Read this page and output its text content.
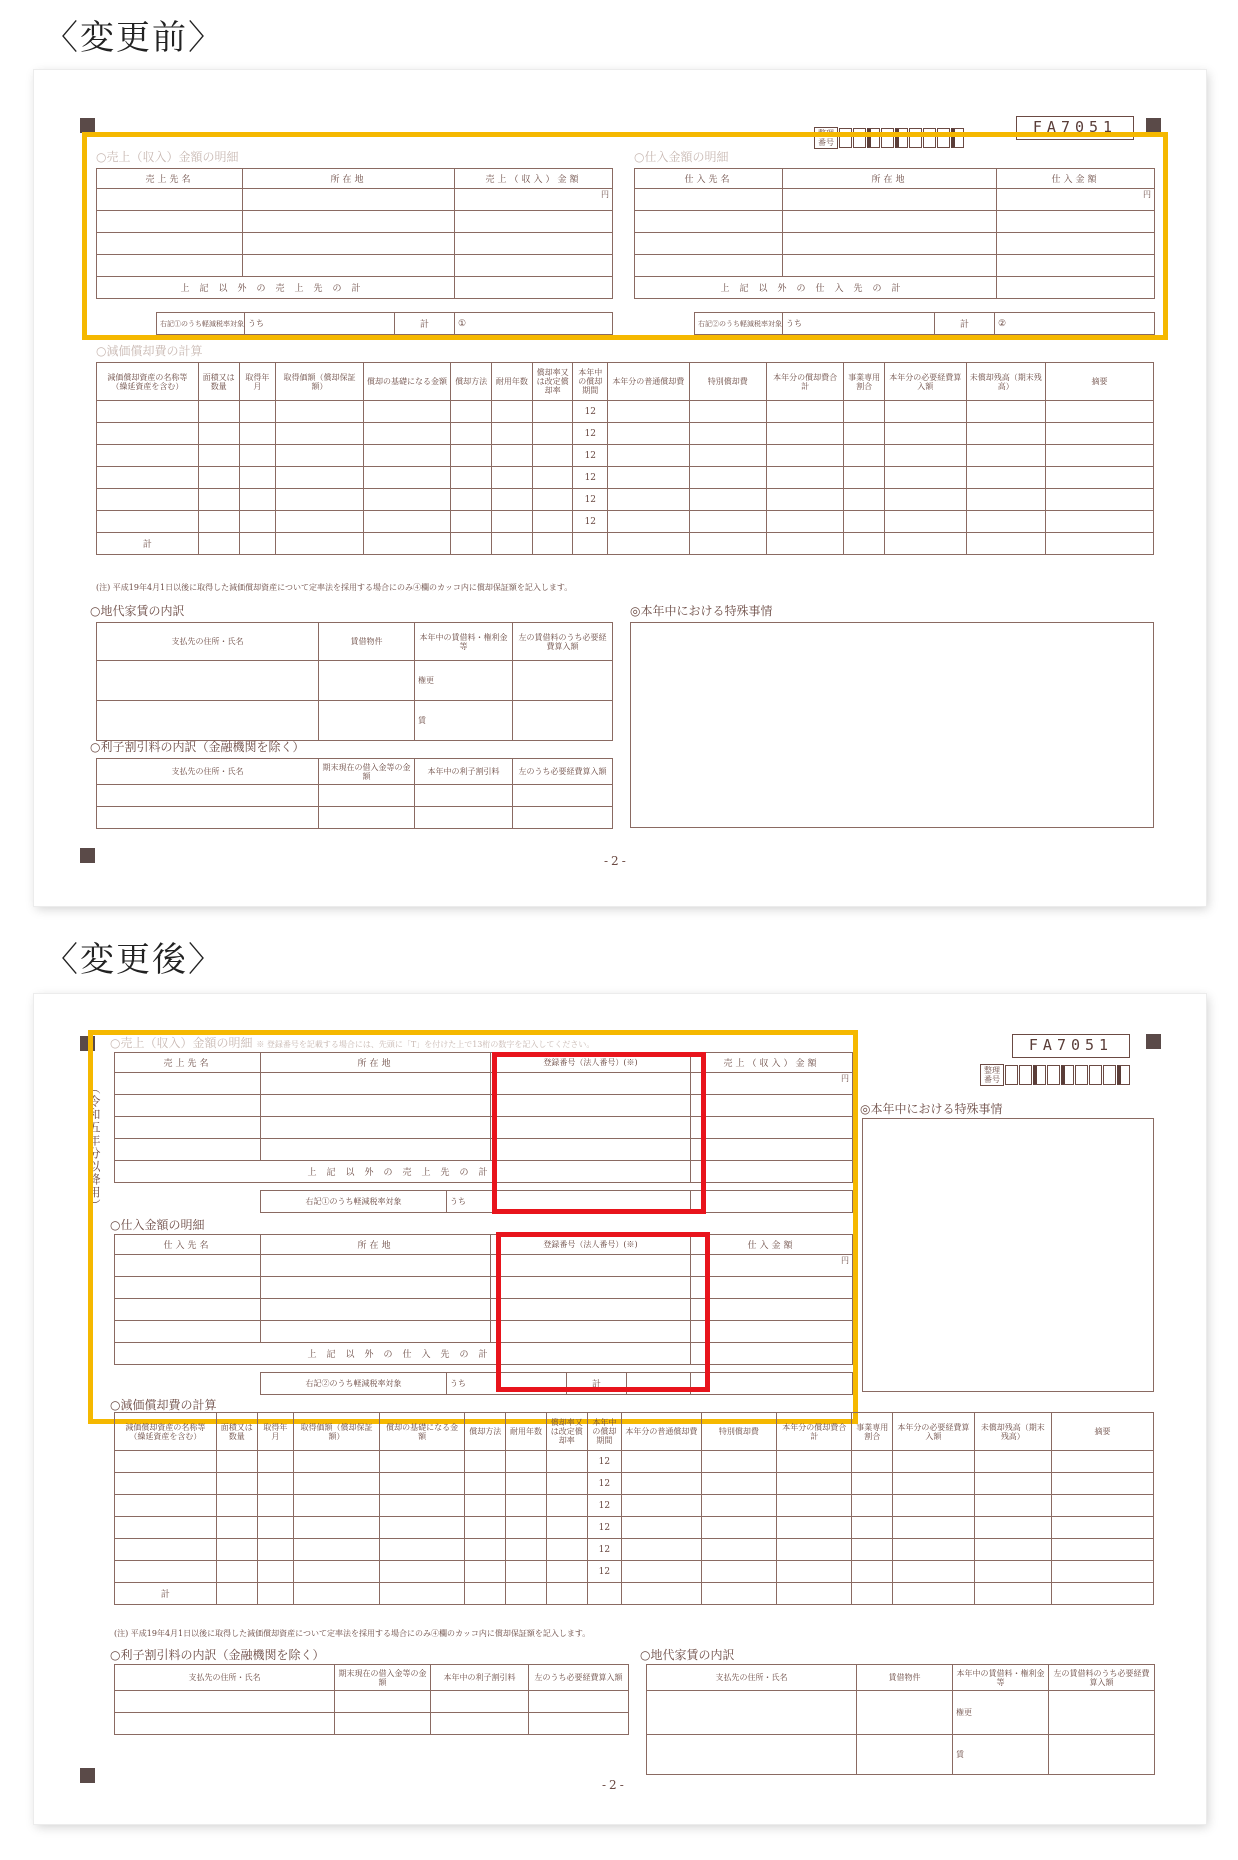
〈変更前〉
整理番号
FA7051
○売上（収入）金額の明細	○仕入金額の明細
売上先名	所在地	売上（収入）金額
		円

上記以外の売上先の計		
右記①のうち軽減税率対象	うち	計	①
仕入先名	所在地	仕入金額
		円

上記以外の仕入先の計		
右記②のうち軽減税率対象	うち	計	②
○減価償却費の計算
減価償却資産の名称等（繰延資産を含む）	面積又は数量	取得年月	取得価額（償却保証額）	償却の基礎になる金額	償却方法	耐用年数	償却率又は改定償却率	本年中の償却期間	本年分の普通償却費	特別償却費	本年分の償却費合計	事業専用割合	本年分の必要経費算入額	未償却残高（期末残高）	摘要
								12							
								12							
								12							
								12							
								12							
								12							
計															
(注) 平成19年4月1日以後に取得した減価償却資産について定率法を採用する場合にのみ④欄のカッコ内に償却保証額を記入します。
○地代家賃の内訳
支払先の住所・氏名	賃借物件	本年中の賃借料・権利金等	左の賃借料のうち必要経費算入額
		権更	
		賃	
○利子割引料の内訳（金融機関を除く）
支払先の住所・氏名	期末現在の借入金等の金額	本年中の利子割引料	左のうち必要経費算入額

◎本年中における特殊事情
-2-
〈変更後〉
（令和五年分以降用）
FA7051
整理番号
○売上（収入）金額の明細 ※ 登録番号を記載する場合には、先頭に「T」を付けた上で13桁の数字を記入してください。
売上先名	所在地	登録番号（法人番号）(※)	売上（収入）金額
			円

上記以外の売上先の計			
右記①のうち軽減税率対象	うち	
○仕入金額の明細
仕入先名	所在地	登録番号（法人番号）(※)	仕入金額
			円

上記以外の仕入先の計			
右記②のうち軽減税率対象	うち	計		
◎本年中における特殊事情
○減価償却費の計算
減価償却資産の名称等（繰延資産を含む）	面積又は数量	取得年月	取得価額（償却保証額）	償却の基礎になる金額	償却方法	耐用年数	償却率又は改定償却率	本年中の償却期間	本年分の普通償却費	特別償却費	本年分の償却費合計	事業専用割合	本年分の必要経費算入額	未償却残高（期末残高）	摘要
								12							
								12							
								12							
								12							
								12							
								12							
計															
(注) 平成19年4月1日以後に取得した減価償却資産について定率法を採用する場合にのみ④欄のカッコ内に償却保証額を記入します。
○利子割引料の内訳（金融機関を除く）
支払先の住所・氏名	期末現在の借入金等の金額	本年中の利子割引料	左のうち必要経費算入額

○地代家賃の内訳
支払先の住所・氏名	賃借物件	本年中の賃借料・権利金等	左の賃借料のうち必要経費算入額
		権更	
		賃	
-2-
